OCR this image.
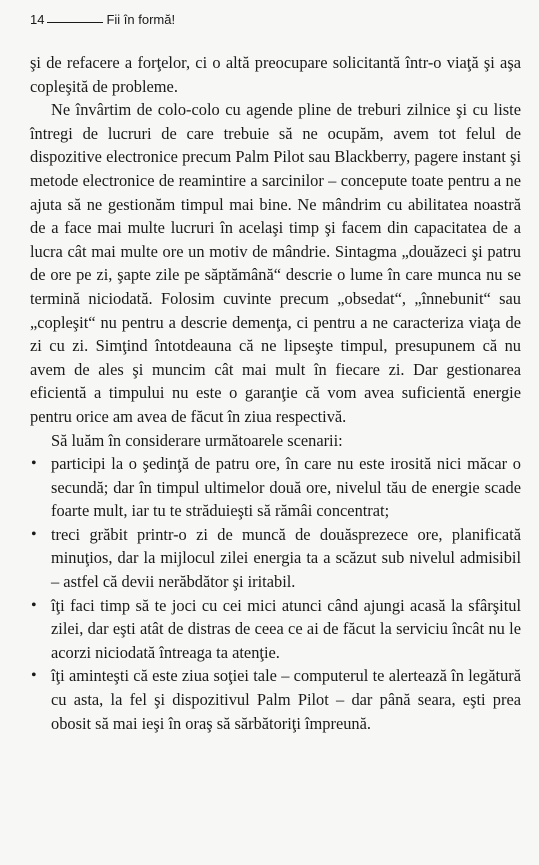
14	Fii în formă!

şi de refacere a forţelor, ci o altă preocupare solicitantă într-o viaţă şi aşa copleşită de probleme.

Ne învârtim de colo-colo cu agende pline de treburi zilnice şi cu liste întregi de lucruri de care trebuie să ne ocupăm, avem tot felul de dispozitive electronice precum Palm Pilot sau Blackberry, pagere instant şi metode electronice de reamintire a sarcinilor – concepute toate pentru a ne ajuta să ne gestionăm timpul mai bine. Ne mândrim cu abilitatea noastră de a face mai multe lucruri în acelaşi timp şi facem din capacitatea de a lucra cât mai multe ore un motiv de mândrie. Sintagma „douăzeci şi patru de ore pe zi, şapte zile pe săptămână“ descrie o lume în care munca nu se termină niciodată. Folosim cuvinte precum „obsedat“, „înnebunit“ sau „copleşit“ nu pentru a descrie demenţa, ci pentru a ne caracteriza viaţa de zi cu zi. Simţind întotdeauna că ne lipseşte timpul, presupunem că nu avem de ales şi muncim cât mai mult în fiecare zi. Dar gestionarea eficientă a timpului nu este o garanţie că vom avea suficientă energie pentru orice am avea de făcut în ziua respectivă.

Să luăm în considerare următoarele scenarii:

• participi la o şedinţă de patru ore, în care nu este irosită nici măcar o secundă; dar în timpul ultimelor două ore, nivelul tău de energie scade foarte mult, iar tu te străduieşti să rămâi concentrat;
• treci grăbit printr-o zi de muncă de douăsprezece ore, planificată minuţios, dar la mijlocul zilei energia ta a scăzut sub nivelul admisibil – astfel că devii nerăbdător şi iritabil.
• îţi faci timp să te joci cu cei mici atunci când ajungi acasă la sfârşitul zilei, dar eşti atât de distras de ceea ce ai de făcut la serviciu încât nu le acorzi niciodată întreaga ta atenţie.
• îţi aminteşti că este ziua soţiei tale – computerul te alertează în legătură cu asta, la fel şi dispozitivul Palm Pilot – dar până seara, eşti prea obosit să mai ieşi în oraş să sărbătoriţi împreună.
